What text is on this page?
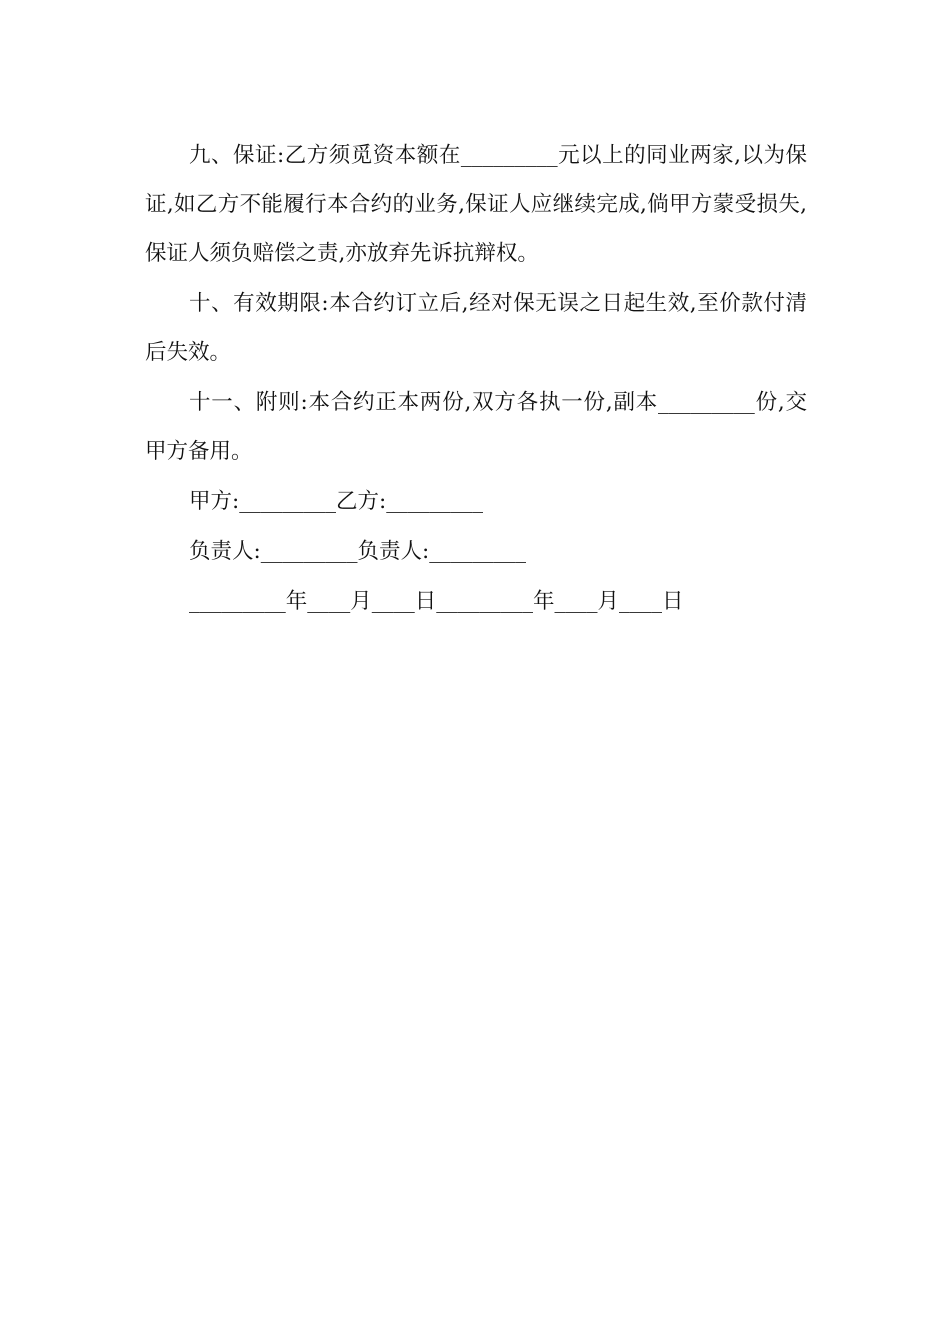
九、保证:乙方须觅资本额在_________元以上的同业两家,以为保证,如乙方不能履行本合约的业务,保证人应继续完成,倘甲方蒙受损失,保证人须负赔偿之责,亦放弃先诉抗辩权。

十、有效期限:本合约订立后,经对保无误之日起生效,至价款付清后失效。

十一、附则:本合约正本两份,双方各执一份,副本_________份,交甲方备用。

甲方:_________乙方:_________

负责人:_________负责人:_________

_________年____月____日_________年____月____日
